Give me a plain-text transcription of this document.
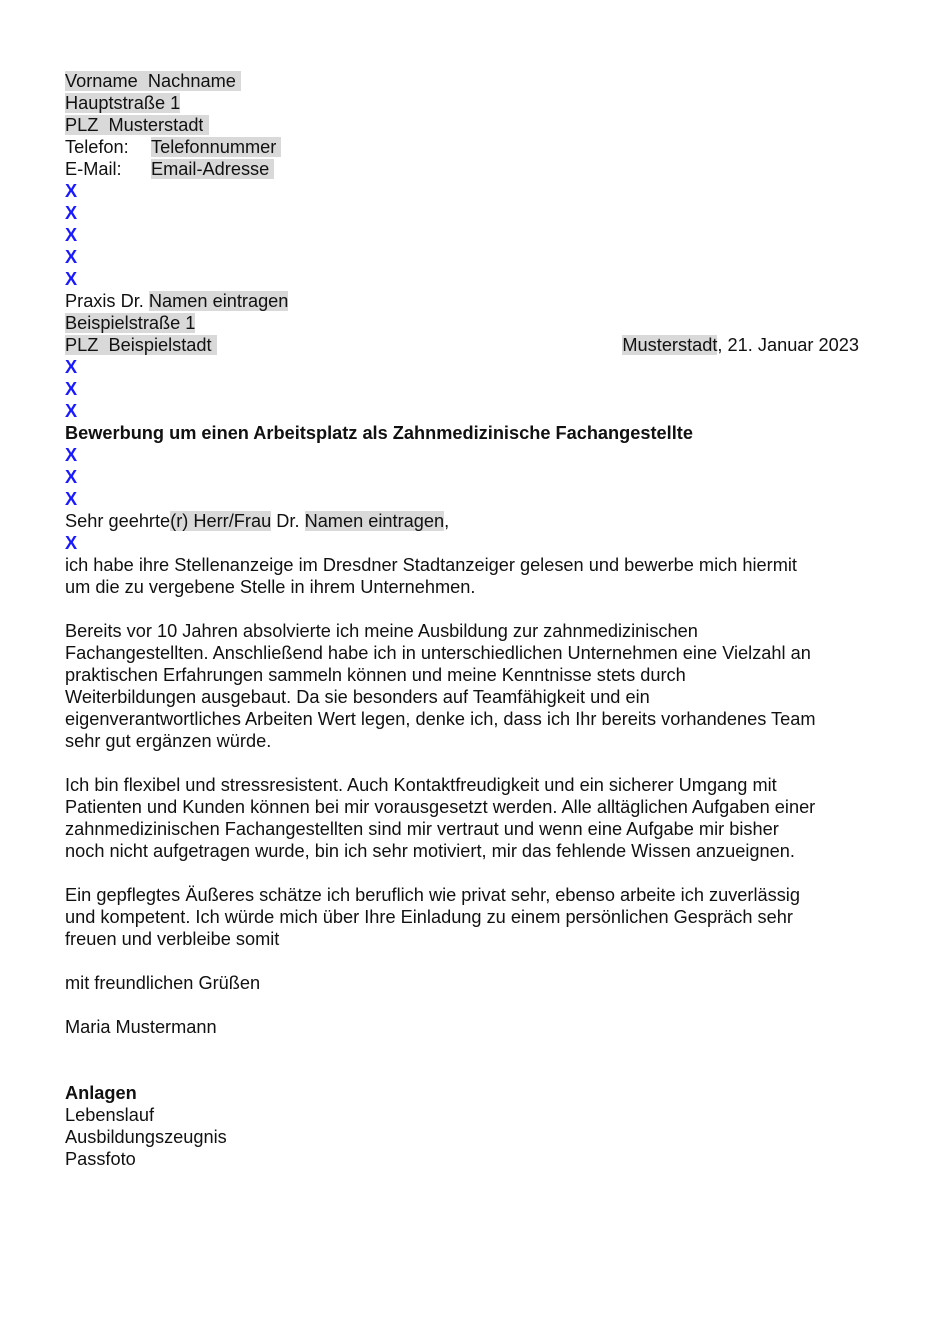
Vorname Nachname
Hauptstraße 1
PLZ Musterstadt
Telefon: Telefonnummer
E-Mail: Email-Adresse
X
X
X
X
X
Praxis Dr. Namen eintragen
Beispielstraße 1
PLZ Beispielstadt	Musterstadt, 21. Januar 2023
X
X
X
Bewerbung um einen Arbeitsplatz als Zahnmedizinische Fachangestellte
X
X
X
Sehr geehrte(r) Herr/Frau Dr. Namen eintragen,
X
ich habe ihre Stellenanzeige im Dresdner Stadtanzeiger gelesen und bewerbe mich hiermit
um die zu vergebene Stelle in ihrem Unternehmen.
Bereits vor 10 Jahren absolvierte ich meine Ausbildung zur zahnmedizinischen
Fachangestellten. Anschließend habe ich in unterschiedlichen Unternehmen eine Vielzahl an
praktischen Erfahrungen sammeln können und meine Kenntnisse stets durch
Weiterbildungen ausgebaut. Da sie besonders auf Teamfähigkeit und ein
eigenverantwortliches Arbeiten Wert legen, denke ich, dass ich Ihr bereits vorhandenes Team
sehr gut ergänzen würde.
Ich bin flexibel und stressresistent. Auch Kontaktfreudigkeit und ein sicherer Umgang mit
Patienten und Kunden können bei mir vorausgesetzt werden. Alle alltäglichen Aufgaben einer
zahnmedizinischen Fachangestellten sind mir vertraut und wenn eine Aufgabe mir bisher
noch nicht aufgetragen wurde, bin ich sehr motiviert, mir das fehlende Wissen anzueignen.
Ein gepflegtes Äußeres schätze ich beruflich wie privat sehr, ebenso arbeite ich zuverlässig
und kompetent. Ich würde mich über Ihre Einladung zu einem persönlichen Gespräch sehr
freuen und verbleibe somit
mit freundlichen Grüßen
Maria Mustermann
Anlagen
Lebenslauf
Ausbildungszeugnis
Passfoto
